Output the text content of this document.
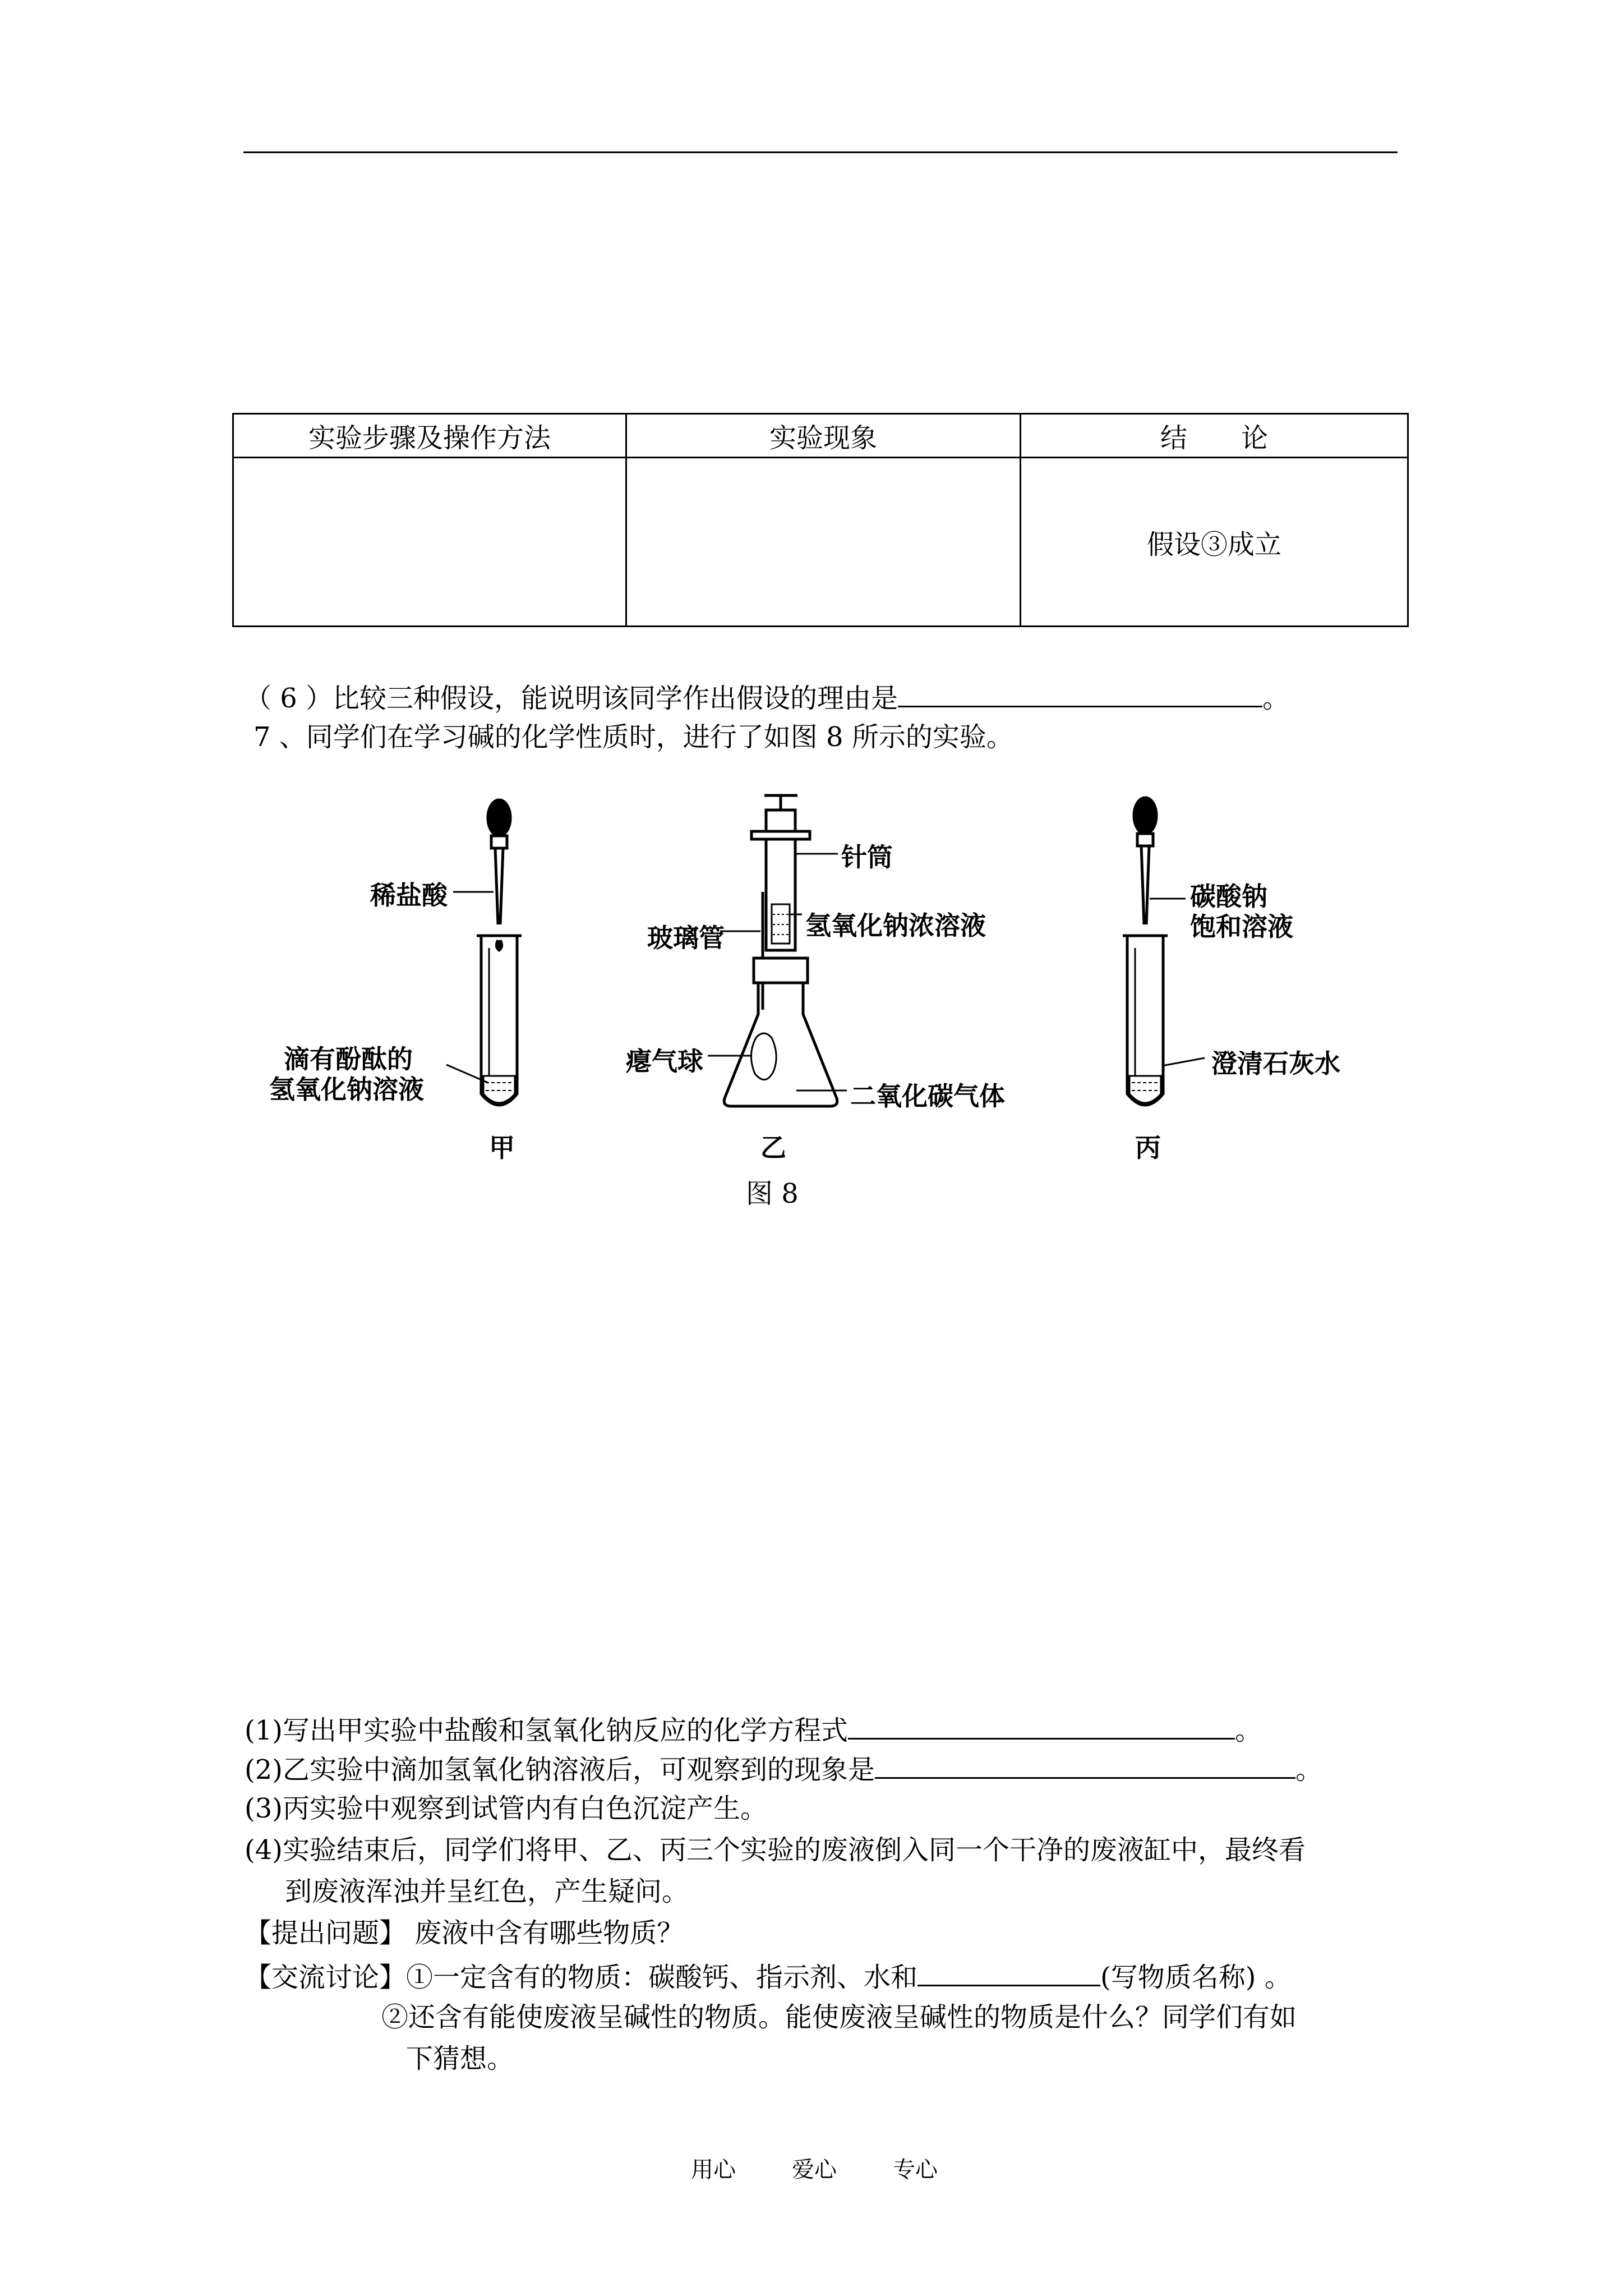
实验步骤及操作方法	实验现象	结　　论
		假设③成立
（ 6 ）比较三种假设，能说明该同学作出假设的理由是	。
7 、同学们在学习碱的化学性质时，进行了如图 8 所示的实验。
稀盐酸
滴有酚酞的
氢氧化钠溶液
甲
针筒
玻璃管	氢氧化钠浓溶液
瘪气球
二氧化碳气体
乙
碳酸钠
饱和溶液
澄清石灰水
丙
图 8
(1)写出甲实验中盐酸和氢氧化钠反应的化学方程式	。
(2)乙实验中滴加氢氧化钠溶液后，可观察到的现象是	。
(3)丙实验中观察到试管内有白色沉淀产生。
(4)实验结束后，同学们将甲、乙、丙三个实验的废液倒入同一个干净的废液缸中，最终看
到废液浑浊并呈红色，产生疑问。
【提出问题】 废液中含有哪些物质？
【交流讨论】①一定含有的物质：碳酸钙、指示剂、水和	(写物质名称) 。
②还含有能使废液呈碱性的物质。能使废液呈碱性的物质是什么？同学们有如
下猜想。
用心	爱心	专心
